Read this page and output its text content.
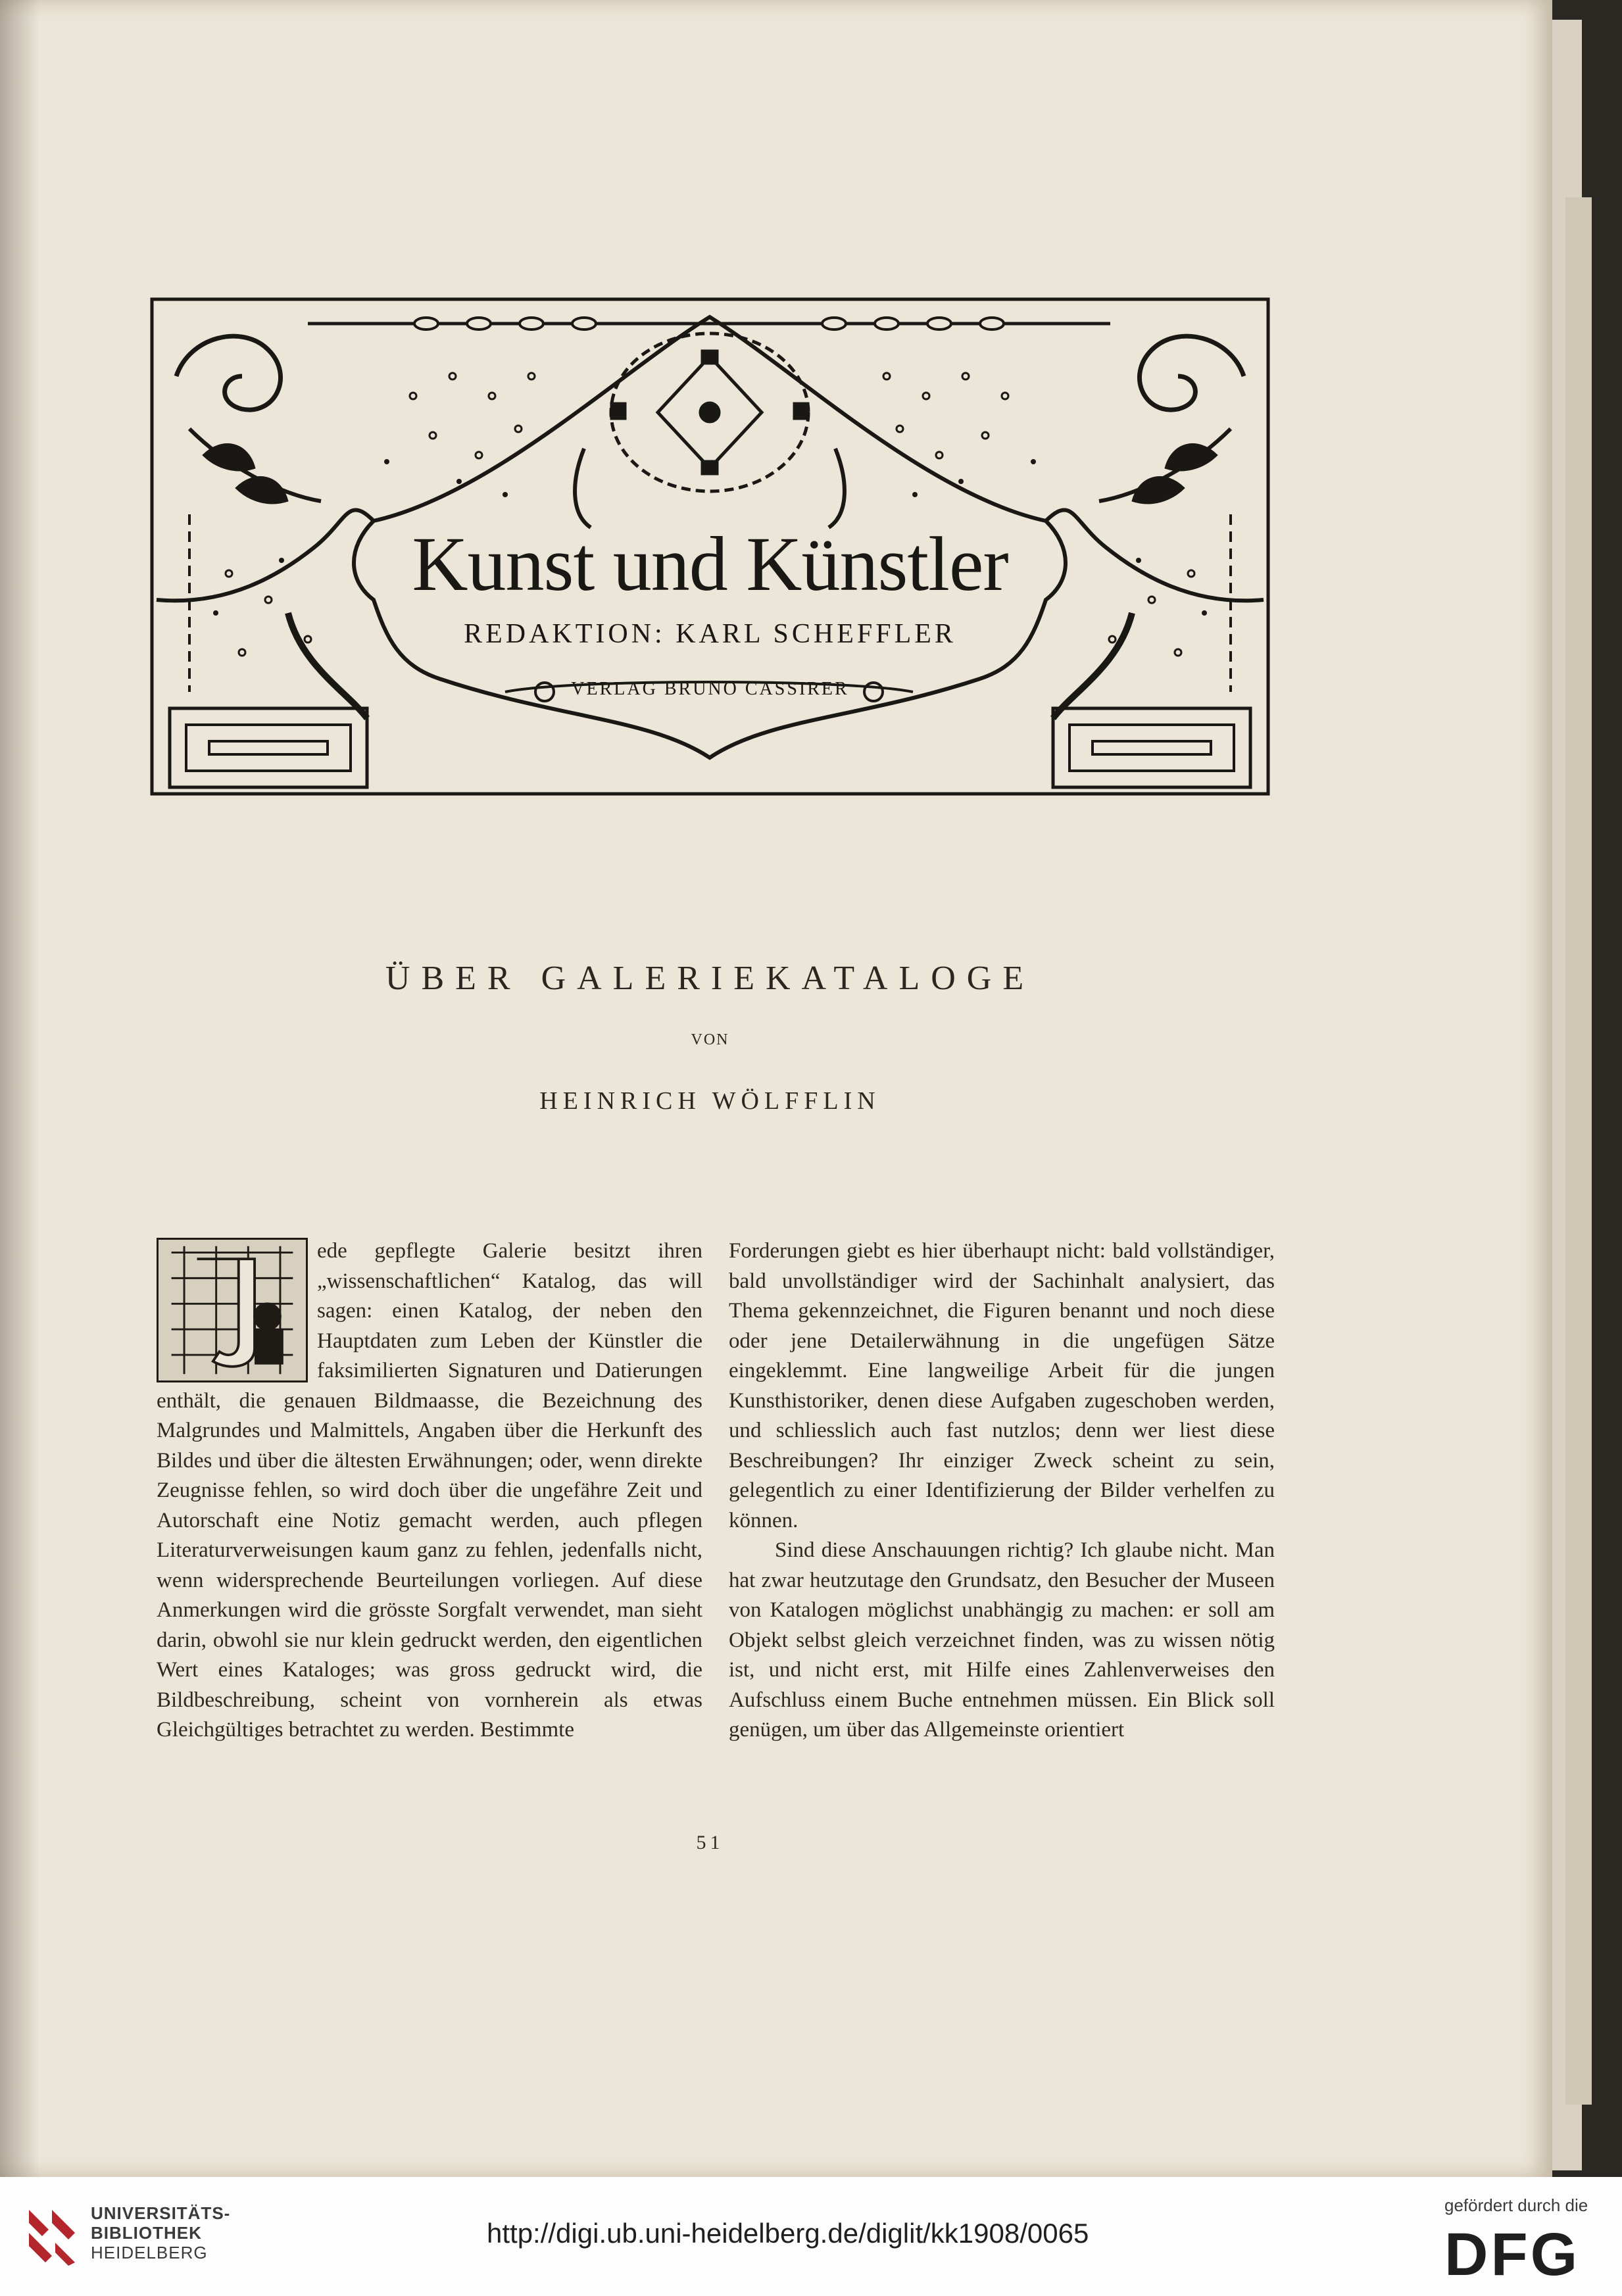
Kunst und Künstler
REDAKTION: KARL SCHEFFLER
VERLAG BRUNO CASSIRER
ÜBER GALERIEKATALOGE
VON
HEINRICH WÖLFFLIN

ede gepflegte Galerie besitzt ihren „wissenschaftlichen“ Katalog, das will sagen: einen Katalog, der neben den Hauptdaten zum Leben der Künstler die faksimilierten Signaturen und Datierungen enthält, die genauen Bildmaasse, die Bezeichnung des Malgrundes und Malmittels, Angaben über die Herkunft des Bildes und über die ältesten Erwähnungen; oder, wenn direkte Zeugnisse fehlen, so wird doch über die ungefähre Zeit und Autorschaft eine Notiz gemacht werden, auch pflegen Literaturverweisungen kaum ganz zu fehlen, jedenfalls nicht, wenn widersprechende Beurteilungen vorliegen. Auf diese Anmerkungen wird die grösste Sorgfalt verwendet, man sieht darin, obwohl sie nur klein gedruckt werden, den eigentlichen Wert eines Kataloges; was gross gedruckt wird, die Bildbeschreibung, scheint von vornherein als etwas Gleichgültiges betrachtet zu werden. Bestimmte

Forderungen giebt es hier überhaupt nicht: bald vollständiger, bald unvollständiger wird der Sachinhalt analysiert, das Thema gekennzeichnet, die Figuren benannt und noch diese oder jene Detailerwähnung in die ungefügen Sätze eingeklemmt. Eine langweilige Arbeit für die jungen Kunsthistoriker, denen diese Aufgaben zugeschoben werden, und schliesslich auch fast nutzlos; denn wer liest diese Beschreibungen? Ihr einziger Zweck scheint zu sein, gelegentlich zu einer Identifizierung der Bilder verhelfen zu können.

Sind diese Anschauungen richtig? Ich glaube nicht. Man hat zwar heutzutage den Grundsatz, den Besucher der Museen von Katalogen möglichst unabhängig zu machen: er soll am Objekt selbst gleich verzeichnet finden, was zu wissen nötig ist, und nicht erst, mit Hilfe eines Zahlenverweises den Aufschluss einem Buche entnehmen müssen. Ein Blick soll genügen, um über das Allgemeinste orientiert

51
UNIVERSITÄTS-
BIBLIOTHEK
HEIDELBERG
http://digi.ub.uni-heidelberg.de/diglit/kk1908/0065
gefördert durch die
DFG
